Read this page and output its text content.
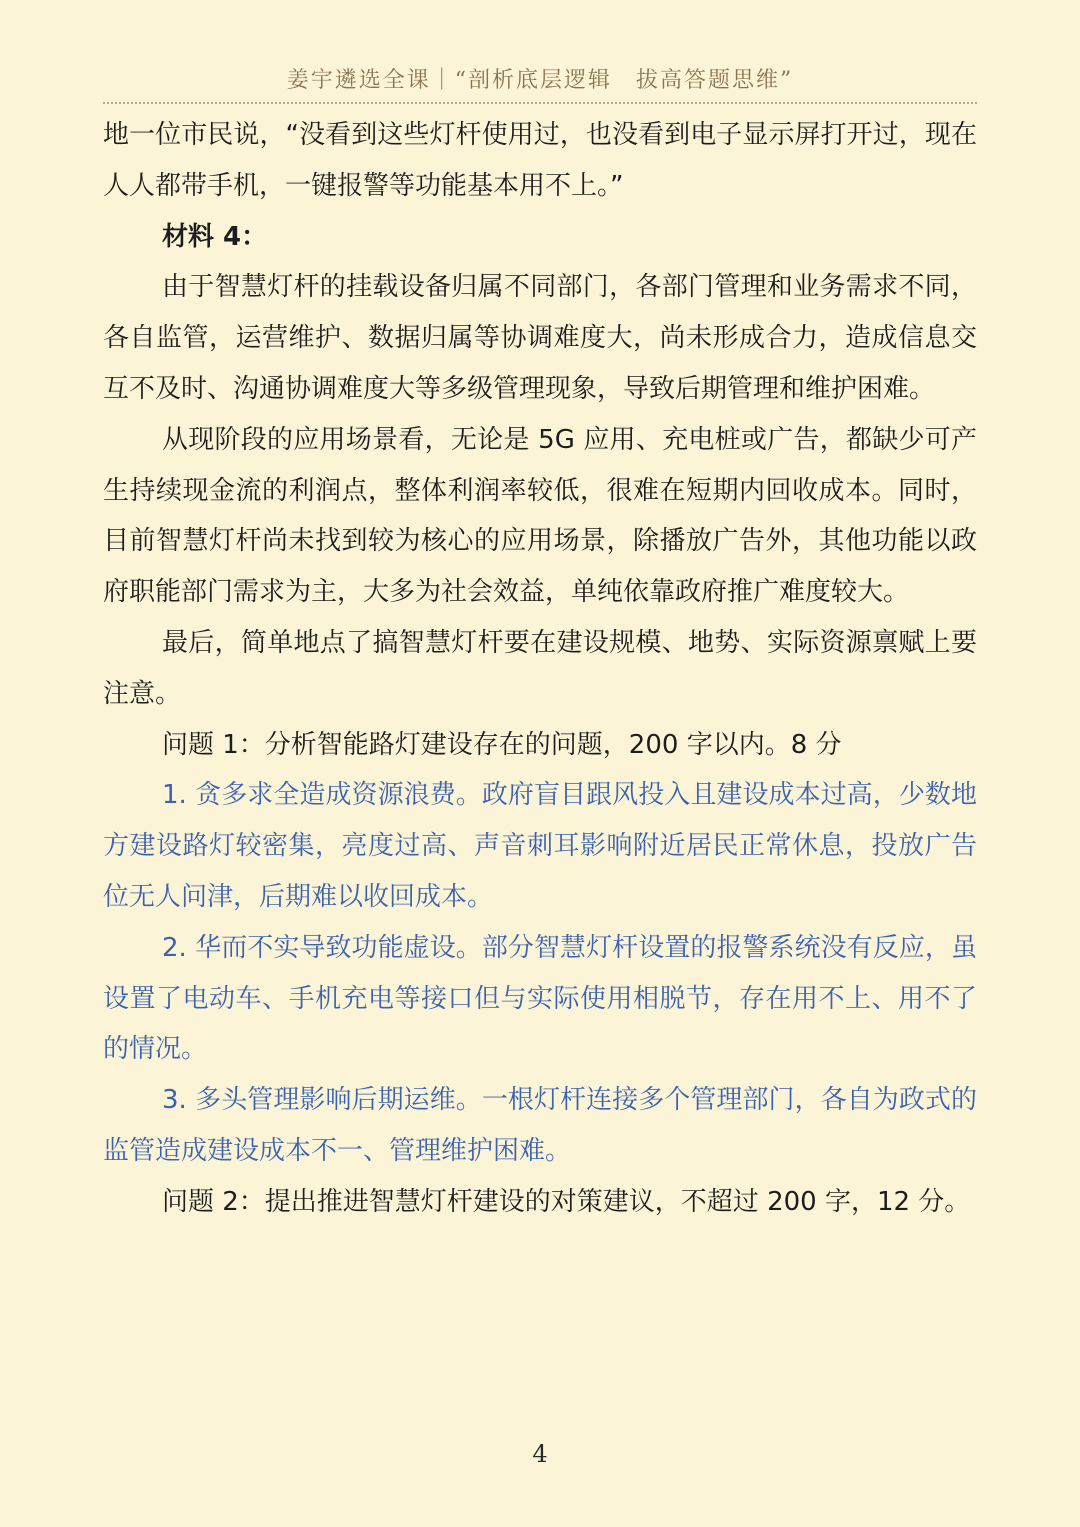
姜宇遴选全课｜“剖析底层逻辑　拔高答题思维”

地一位市民说，“没看到这些灯杆使用过，也没看到电子显示屏打开过，现在人人都带手机，一键报警等功能基本用不上。”

材料 4：

由于智慧灯杆的挂载设备归属不同部门，各部门管理和业务需求不同，各自监管，运营维护、数据归属等协调难度大，尚未形成合力，造成信息交互不及时、沟通协调难度大等多级管理现象，导致后期管理和维护困难。

从现阶段的应用场景看，无论是 5G 应用、充电桩或广告，都缺少可产生持续现金流的利润点，整体利润率较低，很难在短期内回收成本。同时，目前智慧灯杆尚未找到较为核心的应用场景，除播放广告外，其他功能以政府职能部门需求为主，大多为社会效益，单纯依靠政府推广难度较大。

最后，简单地点了搞智慧灯杆要在建设规模、地势、实际资源禀赋上要注意。

问题 1：分析智能路灯建设存在的问题，200 字以内。8 分

1. 贪多求全造成资源浪费。政府盲目跟风投入且建设成本过高，少数地方建设路灯较密集，亮度过高、声音刺耳影响附近居民正常休息，投放广告位无人问津，后期难以收回成本。

2. 华而不实导致功能虚设。部分智慧灯杆设置的报警系统没有反应，虽设置了电动车、手机充电等接口但与实际使用相脱节，存在用不上、用不了的情况。

3. 多头管理影响后期运维。一根灯杆连接多个管理部门，各自为政式的监管造成建设成本不一、管理维护困难。

问题 2：提出推进智慧灯杆建设的对策建议，不超过 200 字，12 分。

4
